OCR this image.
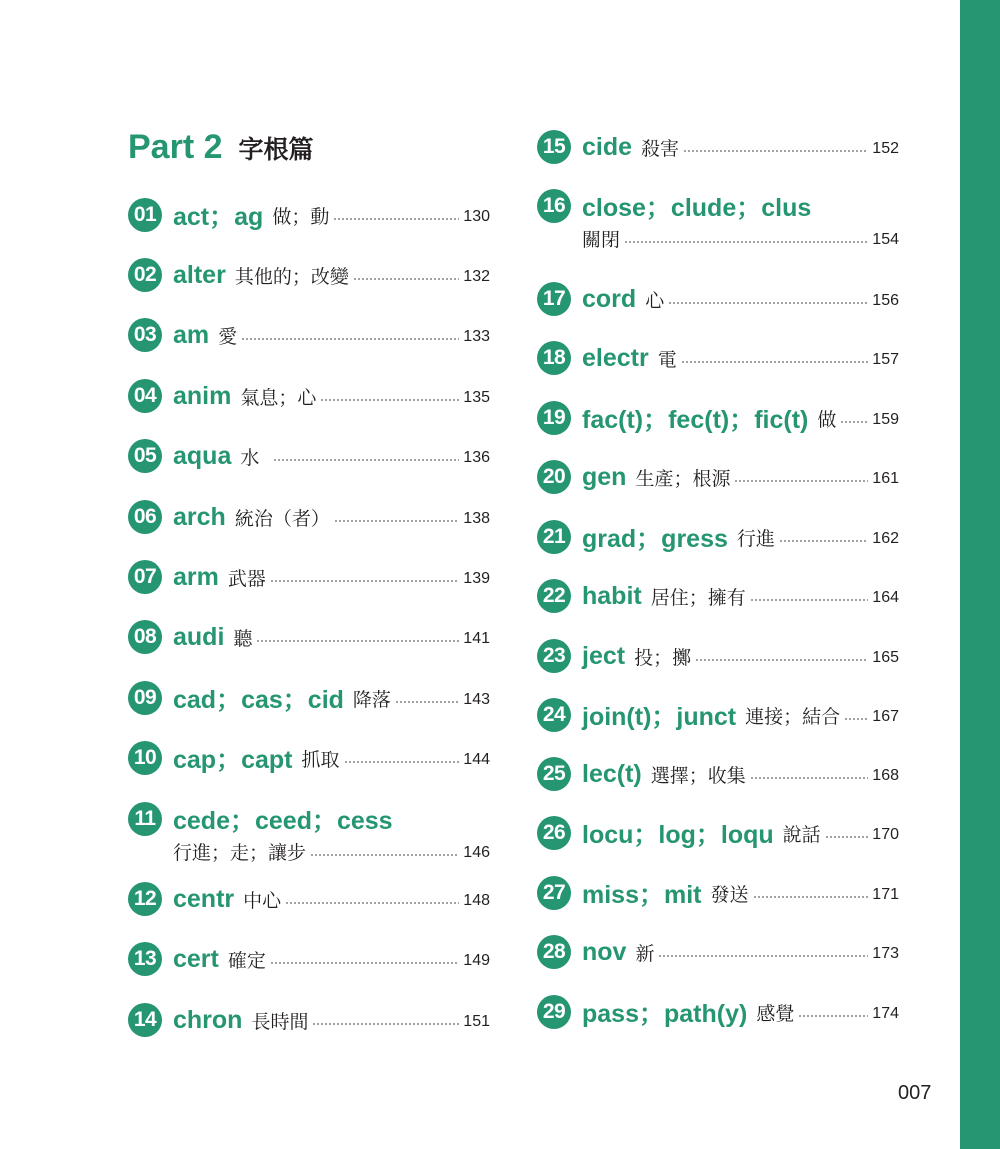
Part 2 字根篇
01 act；ag 做；動	130
02 alter 其他的；改變	132
03 am 愛	133
04 anim 氣息；心	135
05 aqua 水	136
06 arch 統治（者）	138
07 arm 武器	139
08 audi 聽	141
09 cad；cas；cid 降落	143
10 cap；capt 抓取	144
11 cede；ceed；cess
行進；走；讓步	146
12 centr 中心	148
13 cert 確定	149
14 chron 長時間	151
15 cide 殺害	152
16 close；clude；clus
關閉	154
17 cord 心	156
18 electr 電	157
19 fac(t)；fec(t)；fic(t) 做 159
20 gen 生產；根源	161
21 grad；gress 行進	162
22 habit 居住；擁有	164
23 ject 投；擲	165
24 join(t)；junct 連接；結合 167
25 lec(t) 選擇；收集	168
26 locu；log；loqu 說話	170
27 miss；mit 發送	171
28 nov 新	173
29 pass；path(y) 感覺	174
007
